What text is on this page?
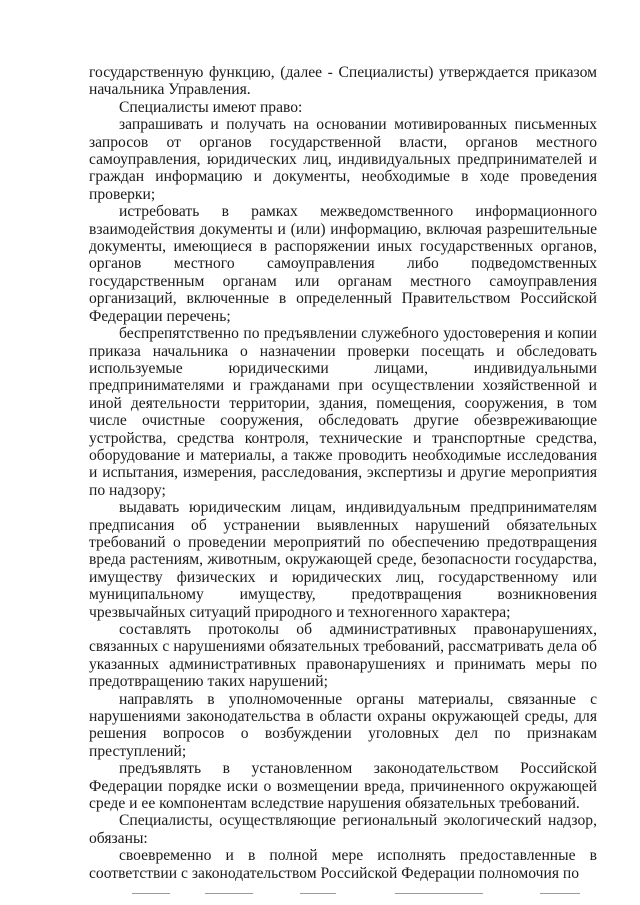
государственную функцию, (далее - Специалисты) утверждается приказом начальника Управления.

Специалисты имеют право:

запрашивать и получать на основании мотивированных письменных запросов от органов государственной власти, органов местного самоуправления, юридических лиц, индивидуальных предпринимателей и граждан информацию и документы, необходимые в ходе проведения проверки;

истребовать в рамках межведомственного информационного взаимодействия документы и (или) информацию, включая разрешительные документы, имеющиеся в распоряжении иных государственных органов, органов местного самоуправления либо подведомственных государственным органам или органам местного самоуправления организаций, включенные в определенный Правительством Российской Федерации перечень;

беспрепятственно по предъявлении служебного удостоверения и копии приказа начальника о назначении проверки посещать и обследовать используемые юридическими лицами, индивидуальными предпринимателями и гражданами при осуществлении хозяйственной и иной деятельности территории, здания, помещения, сооружения, в том числе очистные сооружения, обследовать другие обезвреживающие устройства, средства контроля, технические и транспортные средства, оборудование и материалы, а также проводить необходимые исследования и испытания, измерения, расследования, экспертизы и другие мероприятия по надзору;

выдавать юридическим лицам, индивидуальным предпринимателям предписания об устранении выявленных нарушений обязательных требований о проведении мероприятий по обеспечению предотвращения вреда растениям, животным, окружающей среде, безопасности государства, имуществу физических и юридических лиц, государственному или муниципальному имуществу, предотвращения возникновения чрезвычайных ситуаций природного и техногенного характера;

составлять протоколы об административных правонарушениях, связанных с нарушениями обязательных требований, рассматривать дела об указанных административных правонарушениях и принимать меры по предотвращению таких нарушений;

направлять в уполномоченные органы материалы, связанные с нарушениями законодательства в области охраны окружающей среды, для решения вопросов о возбуждении уголовных дел по признакам преступлений;

предъявлять в установленном законодательством Российской Федерации порядке иски о возмещении вреда, причиненного окружающей среде и ее компонентам вследствие нарушения обязательных требований.

Специалисты, осуществляющие региональный экологический надзор, обязаны:

своевременно и в полной мере исполнять предоставленные в соответствии с законодательством Российской Федерации полномочия по
